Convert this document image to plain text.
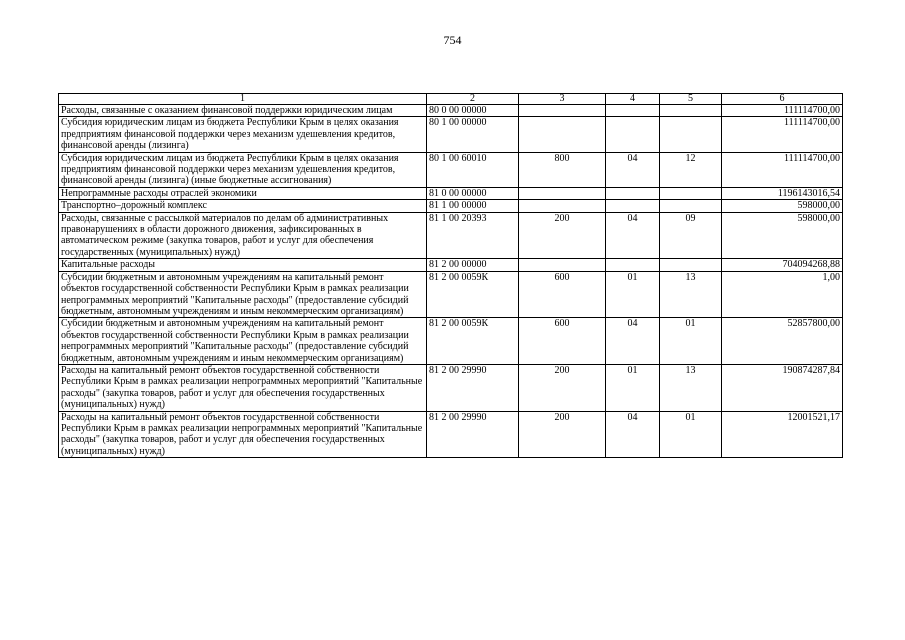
754
1	2	3	4	5	6
Расходы, связанные с оказанием финансовой поддержки юридическим лицам	80 0 00 00000				111114700,00
Субсидия юридическим лицам из бюджета Республики Крым в целях оказания предприятиям финансовой поддержки через механизм удешевления кредитов, финансовой аренды (лизинга)	80 1 00 00000				111114700,00
Субсидия юридическим лицам из бюджета Республики Крым в целях оказания предприятиям финансовой поддержки через механизм удешевления кредитов, финансовой аренды (лизинга) (иные бюджетные ассигнования)	80 1 00 60010	800	04	12	111114700,00
Непрограммные расходы отраслей экономики	81 0 00 00000				1196143016,54
Транспортно–дорожный комплекс	81 1 00 00000				598000,00
Расходы, связанные с рассылкой материалов по делам об административных правонарушениях в области дорожного движения, зафиксированных в автоматическом режиме (закупка товаров, работ и услуг для обеспечения государственных (муниципальных) нужд)	81 1 00 20393	200	04	09	598000,00
Капитальные расходы	81 2 00 00000				704094268,88
Субсидии бюджетным и автономным учреждениям на капитальный ремонт объектов государственной собственности Республики Крым в рамках реализации непрограммных мероприятий "Капитальные расходы" (предоставление субсидий бюджетным, автономным учреждениям и иным некоммерческим организациям)	81 2 00 0059К	600	01	13	1,00
Субсидии бюджетным и автономным учреждениям на капитальный ремонт объектов государственной собственности Республики Крым в рамках реализации непрограммных мероприятий "Капитальные расходы" (предоставление субсидий бюджетным, автономным учреждениям и иным некоммерческим организациям)	81 2 00 0059К	600	04	01	52857800,00
Расходы на капитальный ремонт объектов государственной собственности Республики Крым в рамках реализации непрограммных мероприятий "Капитальные расходы" (закупка товаров, работ и услуг для обеспечения государственных (муниципальных) нужд)	81 2 00 29990	200	01	13	190874287,84
Расходы на капитальный ремонт объектов государственной собственности Республики Крым в рамках реализации непрограммных мероприятий "Капитальные расходы" (закупка товаров, работ и услуг для обеспечения государственных (муниципальных) нужд)	81 2 00 29990	200	04	01	12001521,17
